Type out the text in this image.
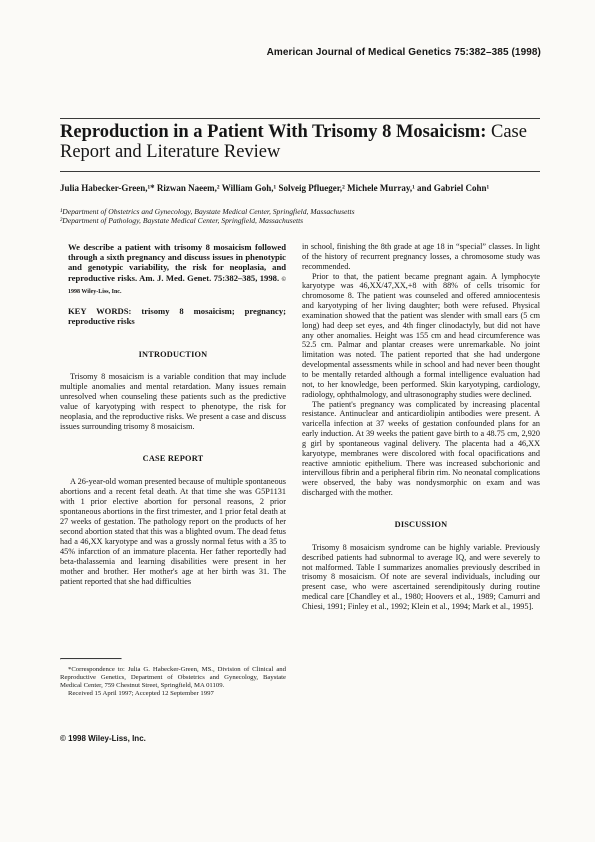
American Journal of Medical Genetics 75:382–385 (1998)
Reproduction in a Patient With Trisomy 8 Mosaicism: Case Report and Literature Review
Julia Habecker-Green,¹* Rizwan Naeem,² William Goh,¹ Solveig Pflueger,² Michele Murray,¹ and Gabriel Cohn¹
¹Department of Obstetrics and Gynecology, Baystate Medical Center, Springfield, Massachusetts
²Department of Pathology, Baystate Medical Center, Springfield, Massachusetts

We describe a patient with trisomy 8 mosaicism followed through a sixth pregnancy and discuss issues in phenotypic and genotypic variability, the risk for neoplasia, and reproductive risks. Am. J. Med. Genet. 75:382–385, 1998. © 1998 Wiley-Liss, Inc.

KEY WORDS: trisomy 8 mosaicism; pregnancy; reproductive risks

INTRODUCTION

Trisomy 8 mosaicism is a variable condition that may include multiple anomalies and mental retardation. Many issues remain unresolved when counseling these patients such as the predictive value of karyotyping with respect to phenotype, the risk for neoplasia, and the reproductive risks. We present a case and discuss issues surrounding trisomy 8 mosaicism.

CASE REPORT

A 26-year-old woman presented because of multiple spontaneous abortions and a recent fetal death. At that time she was G5P1131 with 1 prior elective abortion for personal reasons, 2 prior spontaneous abortions in the first trimester, and 1 prior fetal death at 27 weeks of gestation. The pathology report on the products of her second abortion stated that this was a blighted ovum. The dead fetus had a 46,XX karyotype and was a grossly normal fetus with a 35 to 45% infarction of an immature placenta. Her father reportedly had beta-thalassemia and learning disabilities were present in her mother and brother. Her mother's age at her birth was 31. The patient reported that she had difficulties

*Correspondence to: Julia G. Habecker-Green, MS., Division of Clinical and Reproductive Genetics, Department of Obstetrics and Gynecology, Baystate Medical Center, 759 Chestnut Street, Springfield, MA 01109.

Received 15 April 1997; Accepted 12 September 1997

© 1998 Wiley-Liss, Inc.

in school, finishing the 8th grade at age 18 in “special” classes. In light of the history of recurrent pregnancy losses, a chromosome study was recommended.

Prior to that, the patient became pregnant again. A lymphocyte karyotype was 46,XX/47,XX,+8 with 88% of cells trisomic for chromosome 8. The patient was counseled and offered amniocentesis and karyotyping of her living daughter; both were refused. Physical examination showed that the patient was slender with small ears (5 cm long) had deep set eyes, and 4th finger clinodactyly, but did not have any other anomalies. Height was 155 cm and head circumference was 52.5 cm. Palmar and plantar creases were unremarkable. No joint limitation was noted. The patient reported that she had undergone developmental assessments while in school and had never been thought to be mentally retarded although a formal intelligence evaluation had not, to her knowledge, been performed. Skin karyotyping, cardiology, radiology, ophthalmology, and ultrasonography studies were declined.

The patient's pregnancy was complicated by increasing placental resistance. Antinuclear and anticardiolipin antibodies were present. A varicella infection at 37 weeks of gestation confounded plans for an early induction. At 39 weeks the patient gave birth to a 48.75 cm, 2,920 g girl by spontaneous vaginal delivery. The placenta had a 46,XX karyotype, membranes were discolored with focal opacifications and reactive amniotic epithelium. There was increased subchorionic and intervillous fibrin and a peripheral fibrin rim. No neonatal complications were observed, the baby was nondysmorphic on exam and was discharged with the mother.

DISCUSSION

Trisomy 8 mosaicism syndrome can be highly variable. Previously described patients had subnormal to average IQ, and were severely to not malformed. Table I summarizes anomalies previously described in trisomy 8 mosaicism. Of note are several individuals, including our present case, who were ascertained serendipitously during routine medical care [Chandley et al., 1980; Hoovers et al., 1989; Camurri and Chiesi, 1991; Finley et al., 1992; Klein et al., 1994; Mark et al., 1995].
